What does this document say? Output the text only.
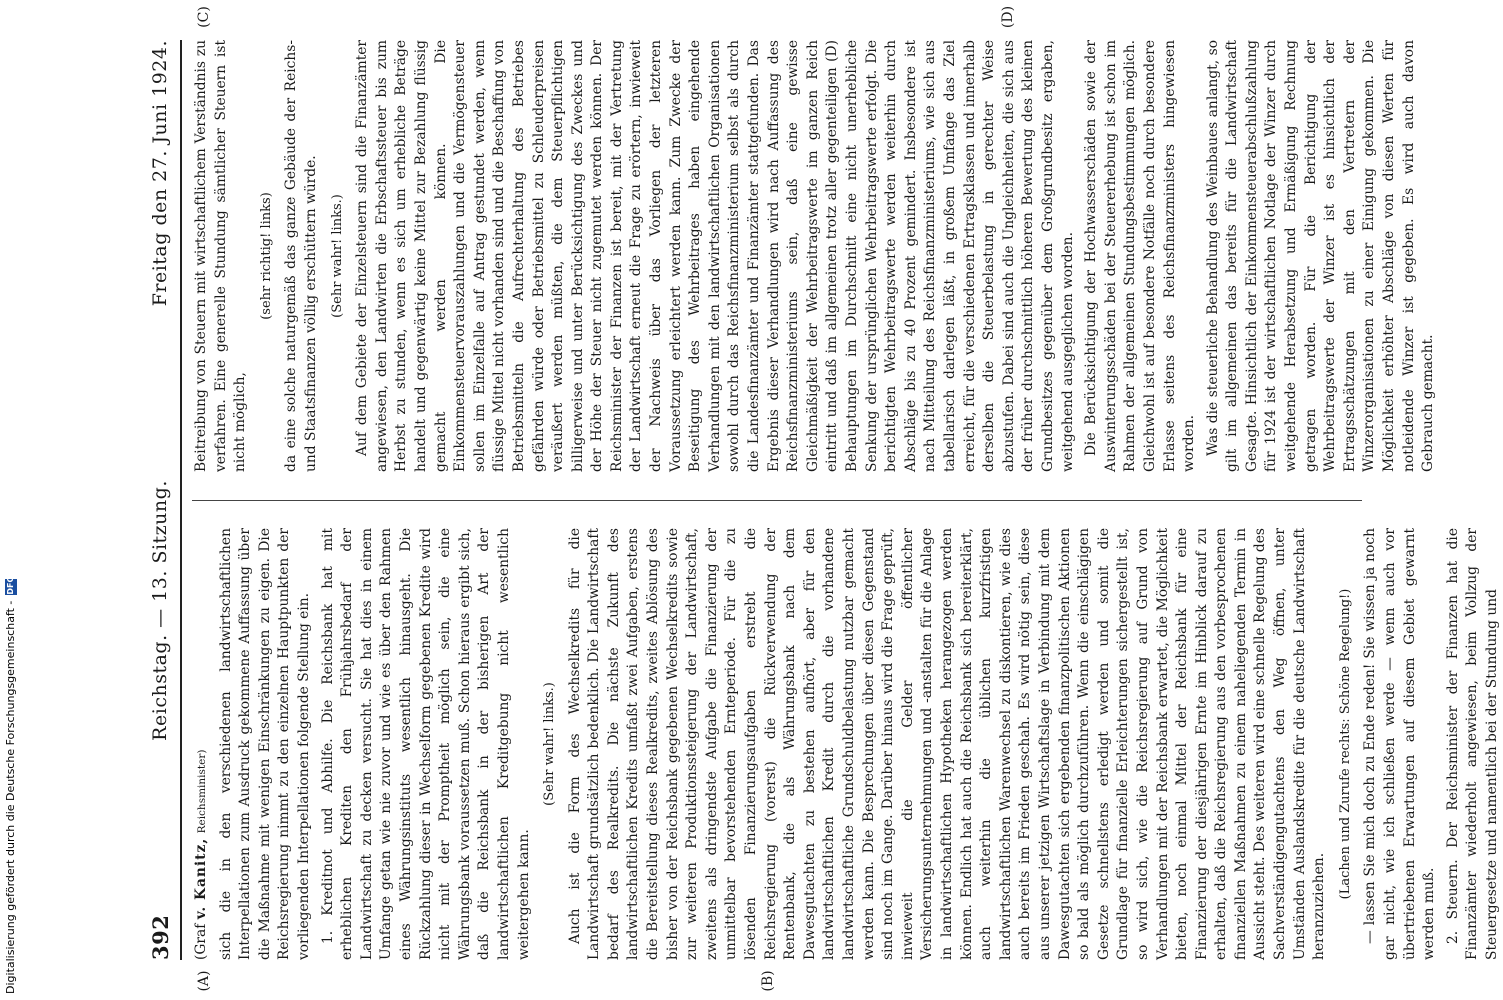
392
Reichstag. — 13. Sitzung.
Freitag den 27. Juni 1924.
(A)	(B)
(C)	(D)

(Graf v. Kanitz, Reichsminister) sich die in den verschiedenen landwirtschaftlichen Interpellationen zum Ausdruck gekommene Auffassung über die Maßnahme mit wenigen Einschränkungen zu eigen. Die Reichsregierung nimmt zu den einzelnen Hauptpunkten der vorliegenden Interpellationen folgende Stellung ein. 1. Kreditnot und Abhilfe. Die Reichsbank hat mit erheblichen Krediten den Frühjahrsbedarf der Landwirtschaft zu decken versucht. Sie hat dies in einem Umfange getan wie nie zuvor und wie es über den Rahmen eines Währungsinstituts wesentlich hinausgeht. Die Rückzahlung dieser in Wechselform gegebenen Kredite wird nicht mit der Promptheit möglich sein, die eine Währungsbank voraussetzen muß. Schon hieraus ergibt sich, daß die Reichsbank in der bisherigen Art der landwirtschaftlichen Kreditgebung nicht wesentlich weitergehen kann.

(Sehr wahr! links.) Auch ist die Form des Wechselkredits für die Landwirtschaft grundsätzlich bedenklich. Die Landwirtschaft bedarf des Realkredits. Die nächste Zukunft des landwirtschaftlichen Kredits umfaßt zwei Aufgaben, erstens die Bereitstellung dieses Realkredits, zweites Ablösung des bisher von der Reichsbank gegebenen Wechselkredits sowie zur weiteren Produktionssteigerung der Landwirtschaft, zweitens als dringendste Aufgabe die Finanzierung der unmittelbar bevorstehenden Ernteperiode. Für die zu lösenden Finanzierungsaufgaben erstrebt die Reichsregierung (vorerst) die Rückverwendung der Rentenbank, die als Währungsbank nach dem Dawesgutachten zu bestehen aufhört, aber für den landwirtschaftlichen Kredit durch die vorhandene landwirtschaftliche Grundschuldbelastung nutzbar gemacht werden kann. Die Besprechungen über diesen Gegenstand sind noch im Gange. Darüber hinaus wird die Frage geprüft, inwieweit die Gelder öffentlicher Versicherungsunternehmungen und -anstalten für die Anlage in landwirtschaftlichen Hypotheken herangezogen werden können. Endlich hat auch die Reichsbank sich bereiterklärt, auch weiterhin die üblichen kurzfristigen landwirtschaftlichen Warenwechsel zu diskontieren, wie dies auch bereits im Frieden geschah. Es wird nötig sein, diese aus unserer jetzigen Wirtschaftslage in Verbindung mit dem Dawesgutachten sich ergebenden finanzpolitischen Aktionen so bald als möglich durchzuführen. Wenn die einschlägigen Gesetze schnellstens erledigt werden und somit die Grundlage für finanzielle Erleichterungen sichergestellt ist, so wird sich, wie die Reichsregierung auf Grund von Verhandlungen mit der Reichsbank erwartet, die Möglichkeit bieten, noch einmal Mittel der Reichsbank für eine Finanzierung der diesjährigen Ernte im Hinblick darauf zu erhalten, daß die Reichsregierung aus den vorbesprochenen finanziellen Maßnahmen zu einem naheliegenden Termin in Aussicht steht. Des weiteren wird eine schnelle Regelung des Sachverständigengutachtens den Weg öffnen, unter Umständen Auslandskredite für die deutsche Landwirtschaft heranzuziehen.

(Lachen und Zurufe rechts: Schöne Regelung!) — lassen Sie mich doch zu Ende reden! Sie wissen ja noch gar nicht, wie ich schließen werde — wenn auch vor übertriebenen Erwartungen auf diesem Gebiet gewarnt werden muß. 2. Steuern. Der Reichsminister der Finanzen hat die Finanzämter wiederholt angewiesen, beim Vollzug der Steuergesetze und namentlich bei der Stundung und

Beitreibung von Steuern mit wirtschaftlichem Verständnis zu verfahren. Eine generelle Stundung sämtlicher Steuern ist nicht möglich,

(sehr richtig! links) da eine solche naturgemäß das ganze Gebäude der Reichs- und Staatsfinanzen völlig erschüttern würde. (Sehr wahr! links.) Auf dem Gebiete der Einzelsteuern sind die Finanzämter angewiesen, den Landwirten die Erbschaftssteuer bis zum Herbst zu stunden, wenn es sich um erhebliche Beträge handelt und gegenwärtig keine Mittel zur Bezahlung flüssig gemacht werden können. Die Einkommensteuervorauszahlungen und die Vermögensteuer sollen im Einzelfalle auf Antrag gestundet werden, wenn flüssige Mittel nicht vorhanden sind und die Beschaffung von Betriebsmitteln die Aufrechterhaltung des Betriebes gefährden würde oder Betriebsmittel zu Schleuderpreisen veräußert werden müßten, die dem Steuerpflichtigen billigerweise und unter Berücksichtigung des Zweckes und der Höhe der Steuer nicht zugemutet werden können. Der Reichsminister der Finanzen ist bereit, mit der Vertretung der Landwirtschaft erneut die Frage zu erörtern, inwieweit der Nachweis über das Vorliegen der letzteren Voraussetzung erleichtert werden kann. Zum Zwecke der Beseitigung des Wehrbeitrages haben eingehende Verhandlungen mit den landwirtschaftlichen Organisationen sowohl durch das Reichsfinanzministerium selbst als durch die Landesfinanzämter und Finanzämter stattgefunden. Das Ergebnis dieser Verhandlungen wird nach Auffassung des Reichsfinanzministeriums sein, daß eine gewisse Gleichmäßigkeit der Wehrbeitragswerte im ganzen Reich eintritt und daß im allgemeinen trotz aller gegenteiligen (D) Behauptungen im Durchschnitt eine nicht unerhebliche Senkung der ursprünglichen Wehrbeitragswerte erfolgt. Die berichtigten Wehrbeitragswerte werden weiterhin durch Abschläge bis zu 40 Prozent gemindert. Insbesondere ist nach Mitteilung des Reichsfinanzministeriums, wie sich aus tabellarisch darlegen läßt, in großem Umfange das Ziel erreicht, für die verschiedenen Ertragsklassen und innerhalb derselben die Steuerbelastung in gerechter Weise abzustufen. Dabei sind auch die Ungleichheiten, die sich aus der früher durchschnittlich höheren Bewertung des kleinen Grundbesitzes gegenüber dem Großgrundbesitz ergaben, weitgehend ausgeglichen worden. Die Berücksichtigung der Hochwasserschäden sowie der Auswinterungsschäden bei der Steuererhebung ist schon im Rahmen der allgemeinen Stundungsbestimmungen möglich. Gleichwohl ist auf besondere Notfälle noch durch besondere Erlasse seitens des Reichsfinanzministers hingewiesen worden. Was die steuerliche Behandlung des Weinbaues anlangt, so gilt im allgemeinen das bereits für die Landwirtschaft Gesagte. Hinsichtlich der Einkommensteuerabschlußzahlung für 1924 ist der wirtschaftlichen Notlage der Winzer durch weitgehende Herabsetzung und Ermäßigung Rechnung getragen worden. Für die Berichtigung der Wehrbeitragswerte der Winzer ist es hinsichtlich der Ertragsschätzungen mit den Vertretern der Winzerorganisationen zu einer Einigung gekommen. Die Möglichkeit erhöhter Abschläge von diesen Werten für notleidende Winzer ist gegeben. Es wird auch davon Gebrauch gemacht.

Digitalisierung gefördert durch die Deutsche Forschungsgemeinschaft -
DFG
